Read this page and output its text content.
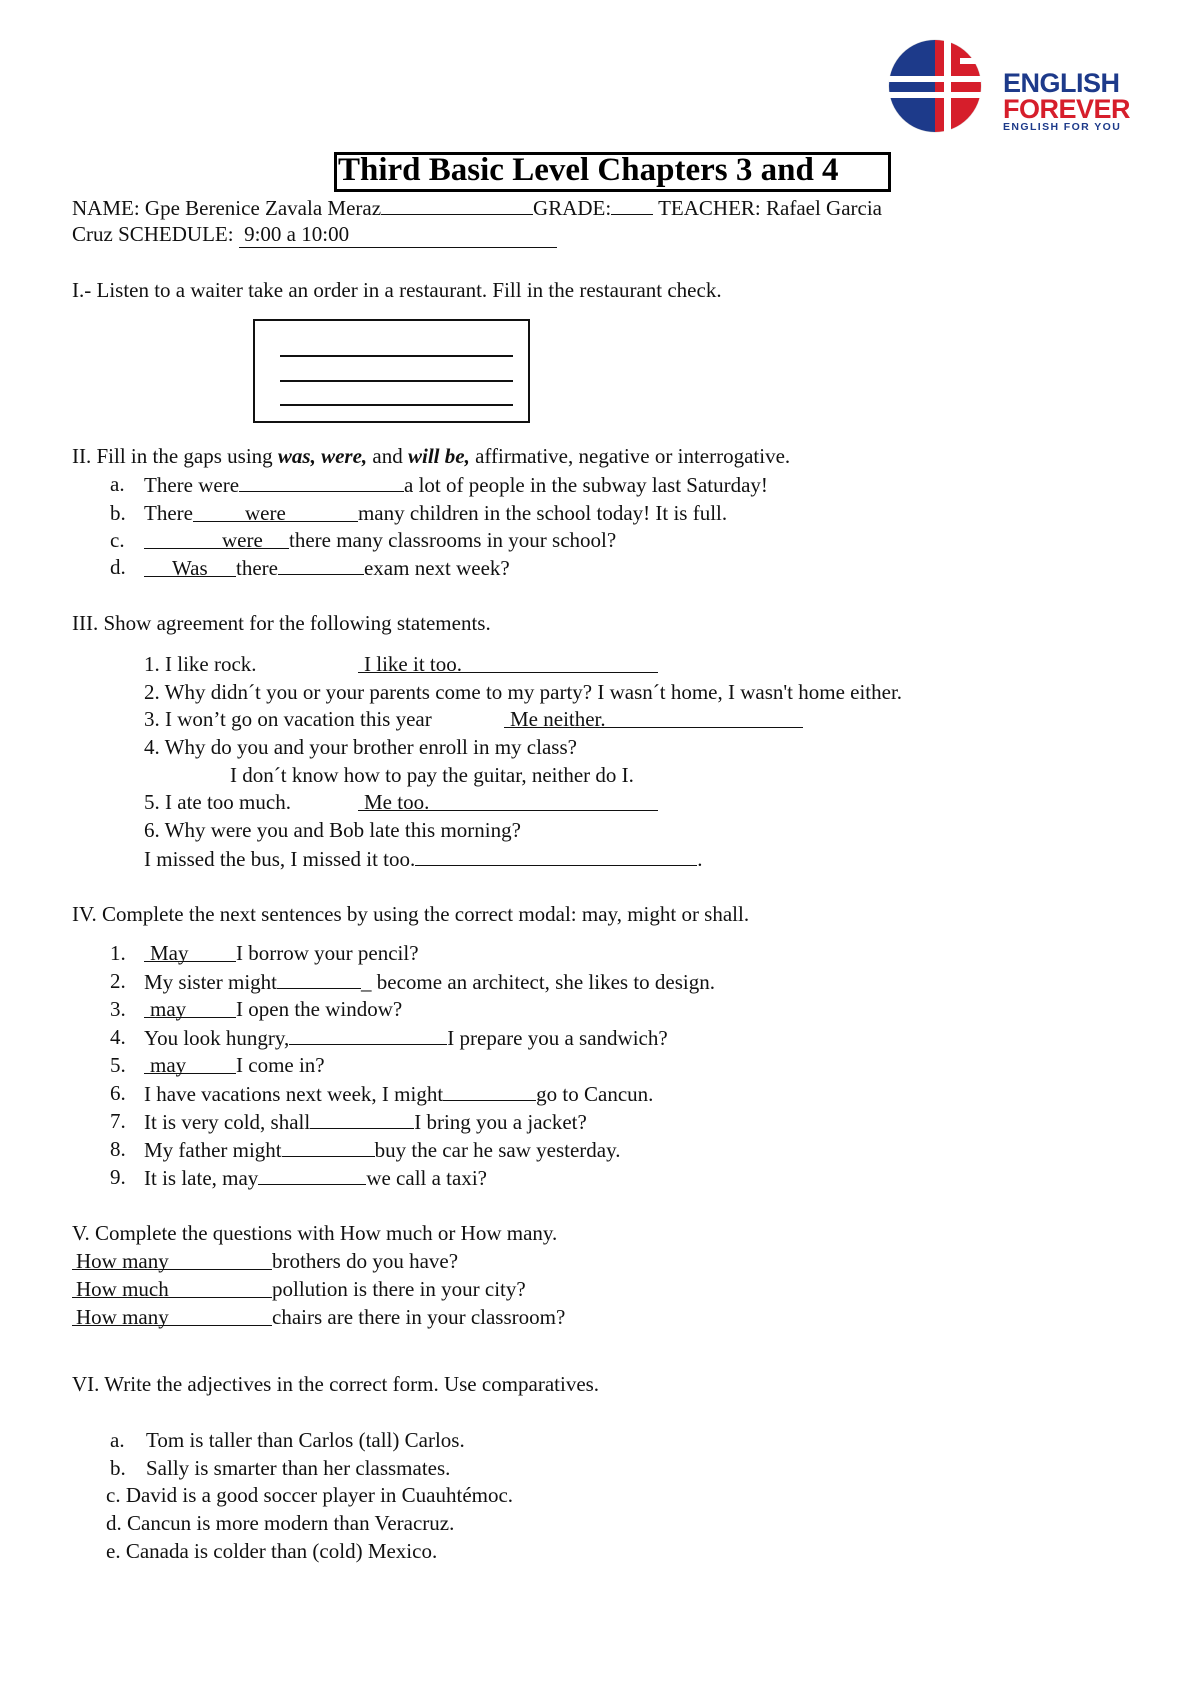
ENGLISH
FOREVER
ENGLISH FOR YOU
Third Basic Level Chapters 3 and 4
NAME: Gpe Berenice Zavala Meraz	GRADE: TEACHER: Rafael Garcia
Cruz SCHEDULE: 9:00 a 10:00
I.- Listen to a waiter take an order in a restaurant. Fill in the restaurant check.
II. Fill in the gaps using was, were, and will be, affirmative, negative or interrogative.
a. There were	a lot of people in the subway last Saturday!
b. There were	many children in the school today! It is full.
c.	were there many classrooms in your school?
d.	Was there	exam next week?
III. Show agreement for the following statements.
1. I like rock.	I like it too.
2. Why didn´t you or your parents come to my party? I wasn´t home, I wasn't home either.
3. I won’t go on vacation this year	Me neither.
4. Why do you and your brother enroll in my class?
I don´t know how to pay the guitar, neither do I.
5. I ate too much.	Me too.
6. Why were you and Bob late this morning?
I missed the bus, I missed it too.	.
IV. Complete the next sentences by using the correct modal: may, might or shall.
1. May I borrow your pencil?
2. My sister might	_ become an architect, she likes to design.
3. may I open the window?
4. You look hungry,	I prepare you a sandwich?
5. may I come in?
6. I have vacations next week, I might	go to Cancun.
7. It is very cold, shall	I bring you a jacket?
8. My father might	buy the car he saw yesterday.
9. It is late, may	we call a taxi?
V. Complete the questions with How much or How many.
How many	brothers do you have?
How much	pollution is there in your city?
How many	chairs are there in your classroom?
VI. Write the adjectives in the correct form. Use comparatives.
a. Tom is taller than Carlos (tall) Carlos.
b. Sally is smarter than her classmates.
c. David is a good soccer player in Cuauhtémoc.
d. Cancun is more modern than Veracruz.
e. Canada is colder than (cold) Mexico.
